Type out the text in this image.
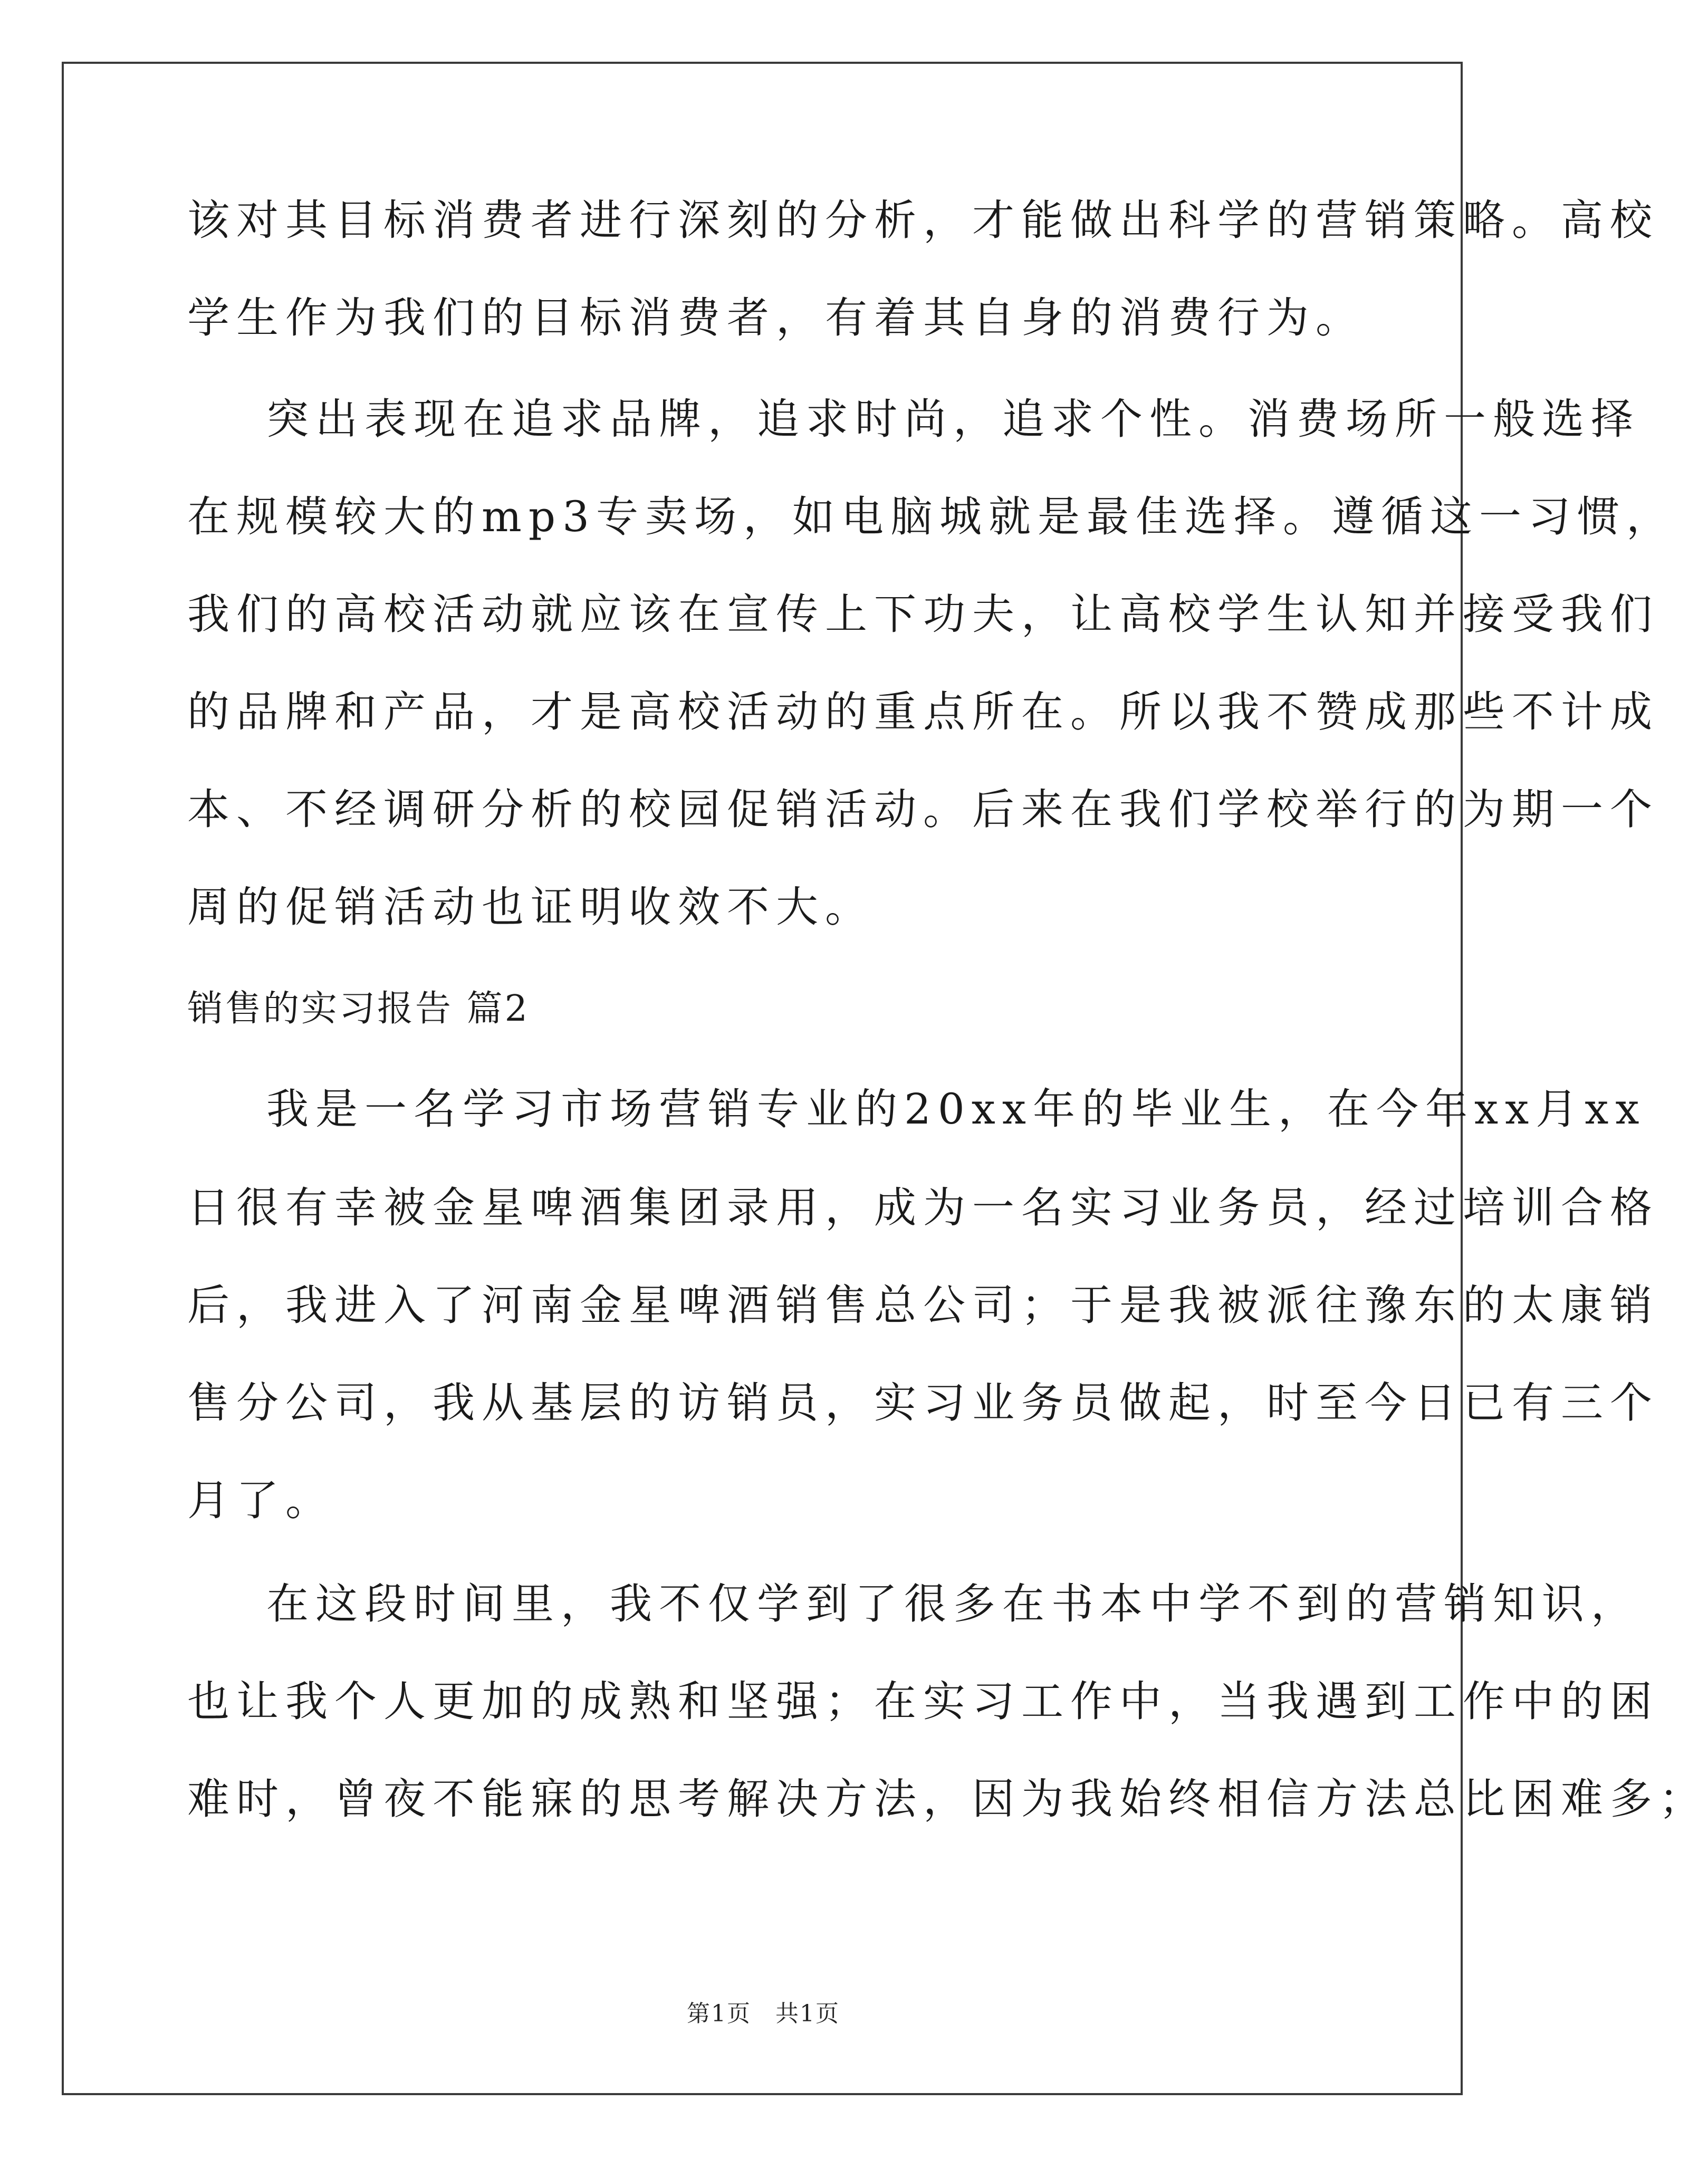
该对其目标消费者进行深刻的分析，才能做出科学的营销策略。高校
学生作为我们的目标消费者，有着其自身的消费行为。
突出表现在追求品牌，追求时尚，追求个性。消费场所一般选择
在规模较大的mp3专卖场，如电脑城就是最佳选择。遵循这一习惯，
我们的高校活动就应该在宣传上下功夫，让高校学生认知并接受我们
的品牌和产品，才是高校活动的重点所在。所以我不赞成那些不计成
本、不经调研分析的校园促销活动。后来在我们学校举行的为期一个
周的促销活动也证明收效不大。
销售的实习报告 篇2
我是一名学习市场营销专业的20xx年的毕业生，在今年xx月xx
日很有幸被金星啤酒集团录用，成为一名实习业务员，经过培训合格
后，我进入了河南金星啤酒销售总公司；于是我被派往豫东的太康销
售分公司，我从基层的访销员，实习业务员做起，时至今日已有三个
月了。
在这段时间里，我不仅学到了很多在书本中学不到的营销知识，
也让我个人更加的成熟和坚强；在实习工作中，当我遇到工作中的困
难时，曾夜不能寐的思考解决方法，因为我始终相信方法总比困难多；
第1页　共1页
